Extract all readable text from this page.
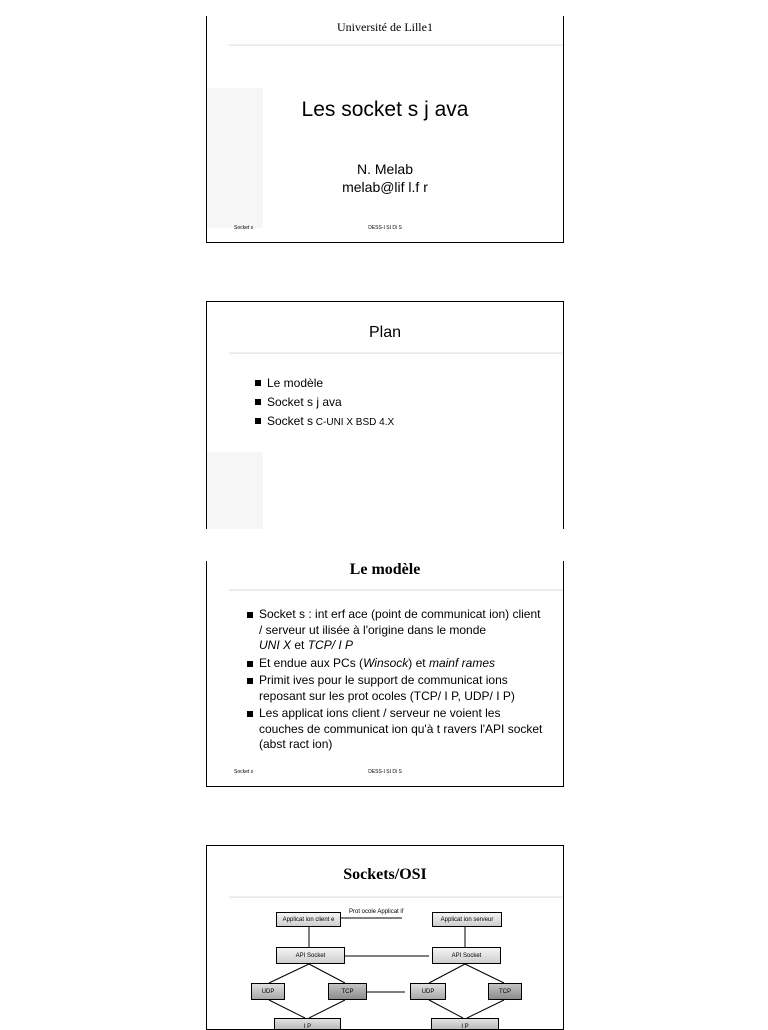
Université de Lille1
Les socket s j ava
N. Melab
melab@lif l.f r
Socket s	DESS-I SI Di S
Plan
Le modèle
Socket s j ava
Socket s C-UNI X BSD 4.X
Le modèle
Socket s : int erf ace (point de communicat ion) client / serveur ut ilisée à l'origine dans le monde
UNI X et TCP/ I P
Et endue aux PCs (Winsock) et mainf rames
Primit ives pour le support de communicat ions reposant sur les prot ocoles (TCP/ I P, UDP/ I P)
Les applicat ions client / serveur ne voient les couches de communicat ion qu'à t ravers l'API socket (abst ract ion)
Socket s	DESS-I SI Di S
Sockets/OSI
Prot ocole Applicat if
Applicat ion client e	Applicat ion serveur
API Socket	API Socket
UDP	TCP	UDP	TCP
I P	I P
